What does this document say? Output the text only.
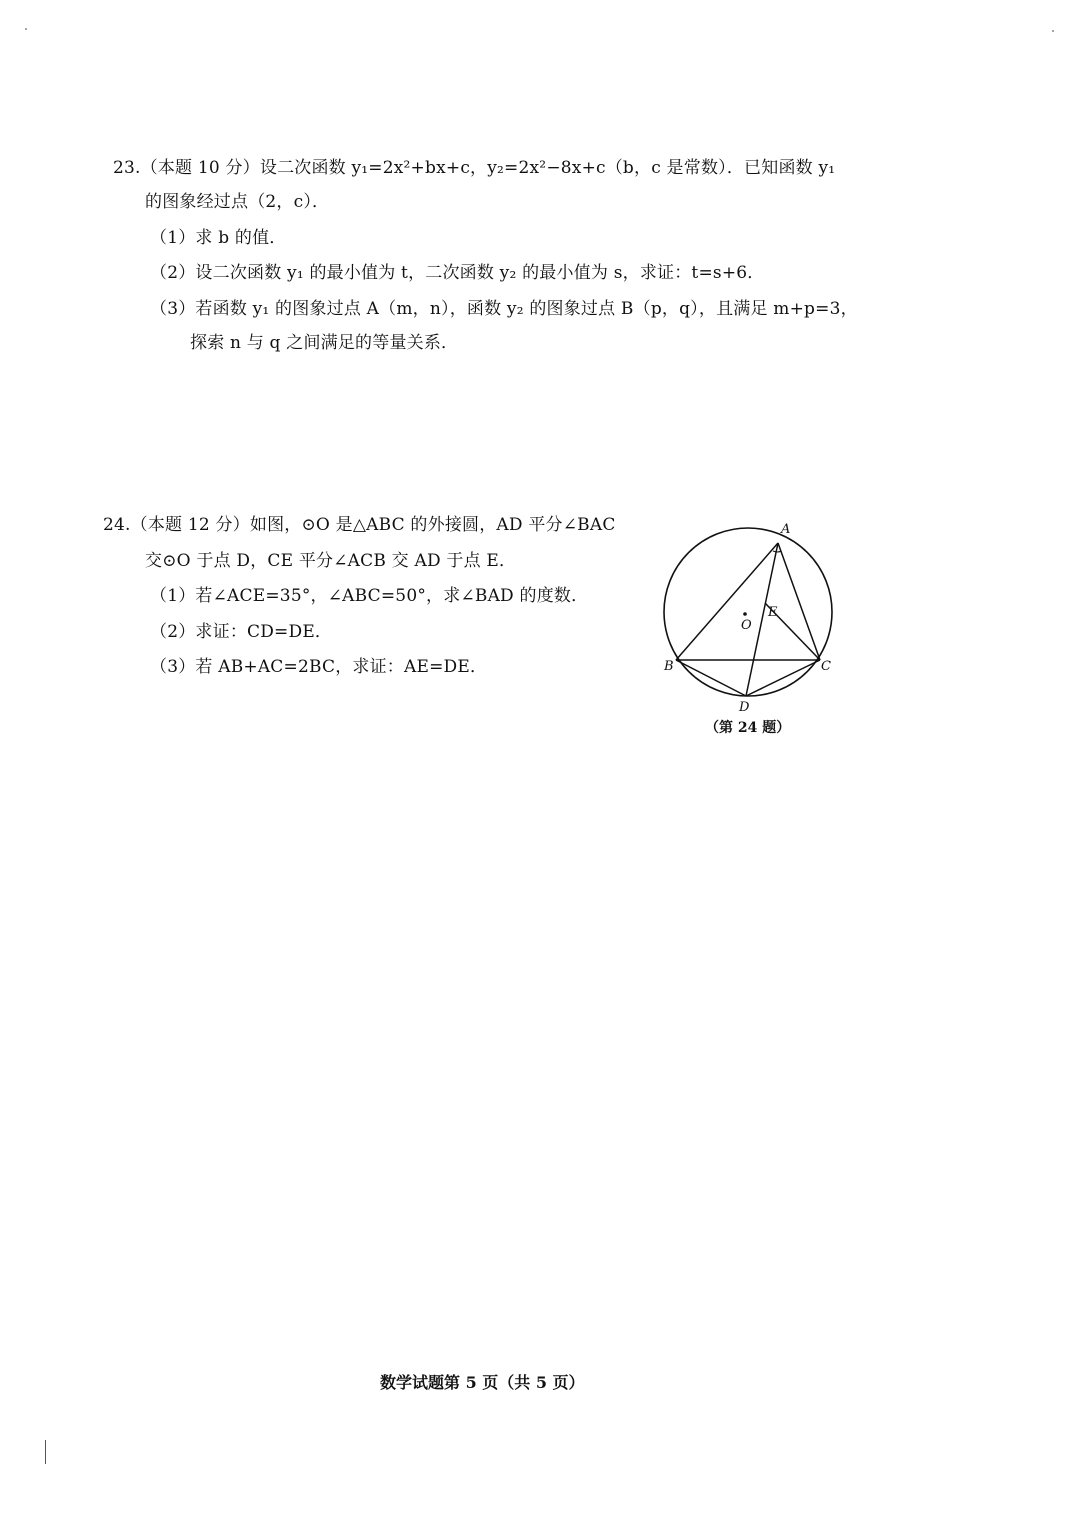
23.（本题 10 分）设二次函数 y₁=2x²+bx+c，y₂=2x²−8x+c（b，c 是常数）．已知函数 y₁
的图象经过点（2，c）．
（1）求 b 的值．
（2）设二次函数 y₁ 的最小值为 t，二次函数 y₂ 的最小值为 s，求证：t=s+6．
（3）若函数 y₁ 的图象过点 A（m，n），函数 y₂ 的图象过点 B（p，q），且满足 m+p=3，
探索 n 与 q 之间满足的等量关系．
24.（本题 12 分）如图，⊙O 是△ABC 的外接圆，AD 平分∠BAC
交⊙O 于点 D，CE 平分∠ACB 交 AD 于点 E．
（1）若∠ACE=35°，∠ABC=50°，求∠BAD 的度数．
（2）求证：CD=DE．
（3）若 AB+AC=2BC，求证：AE=DE．
A
B	C
D
E
O
（第 24 题）
数学试题第 5 页（共 5 页）
